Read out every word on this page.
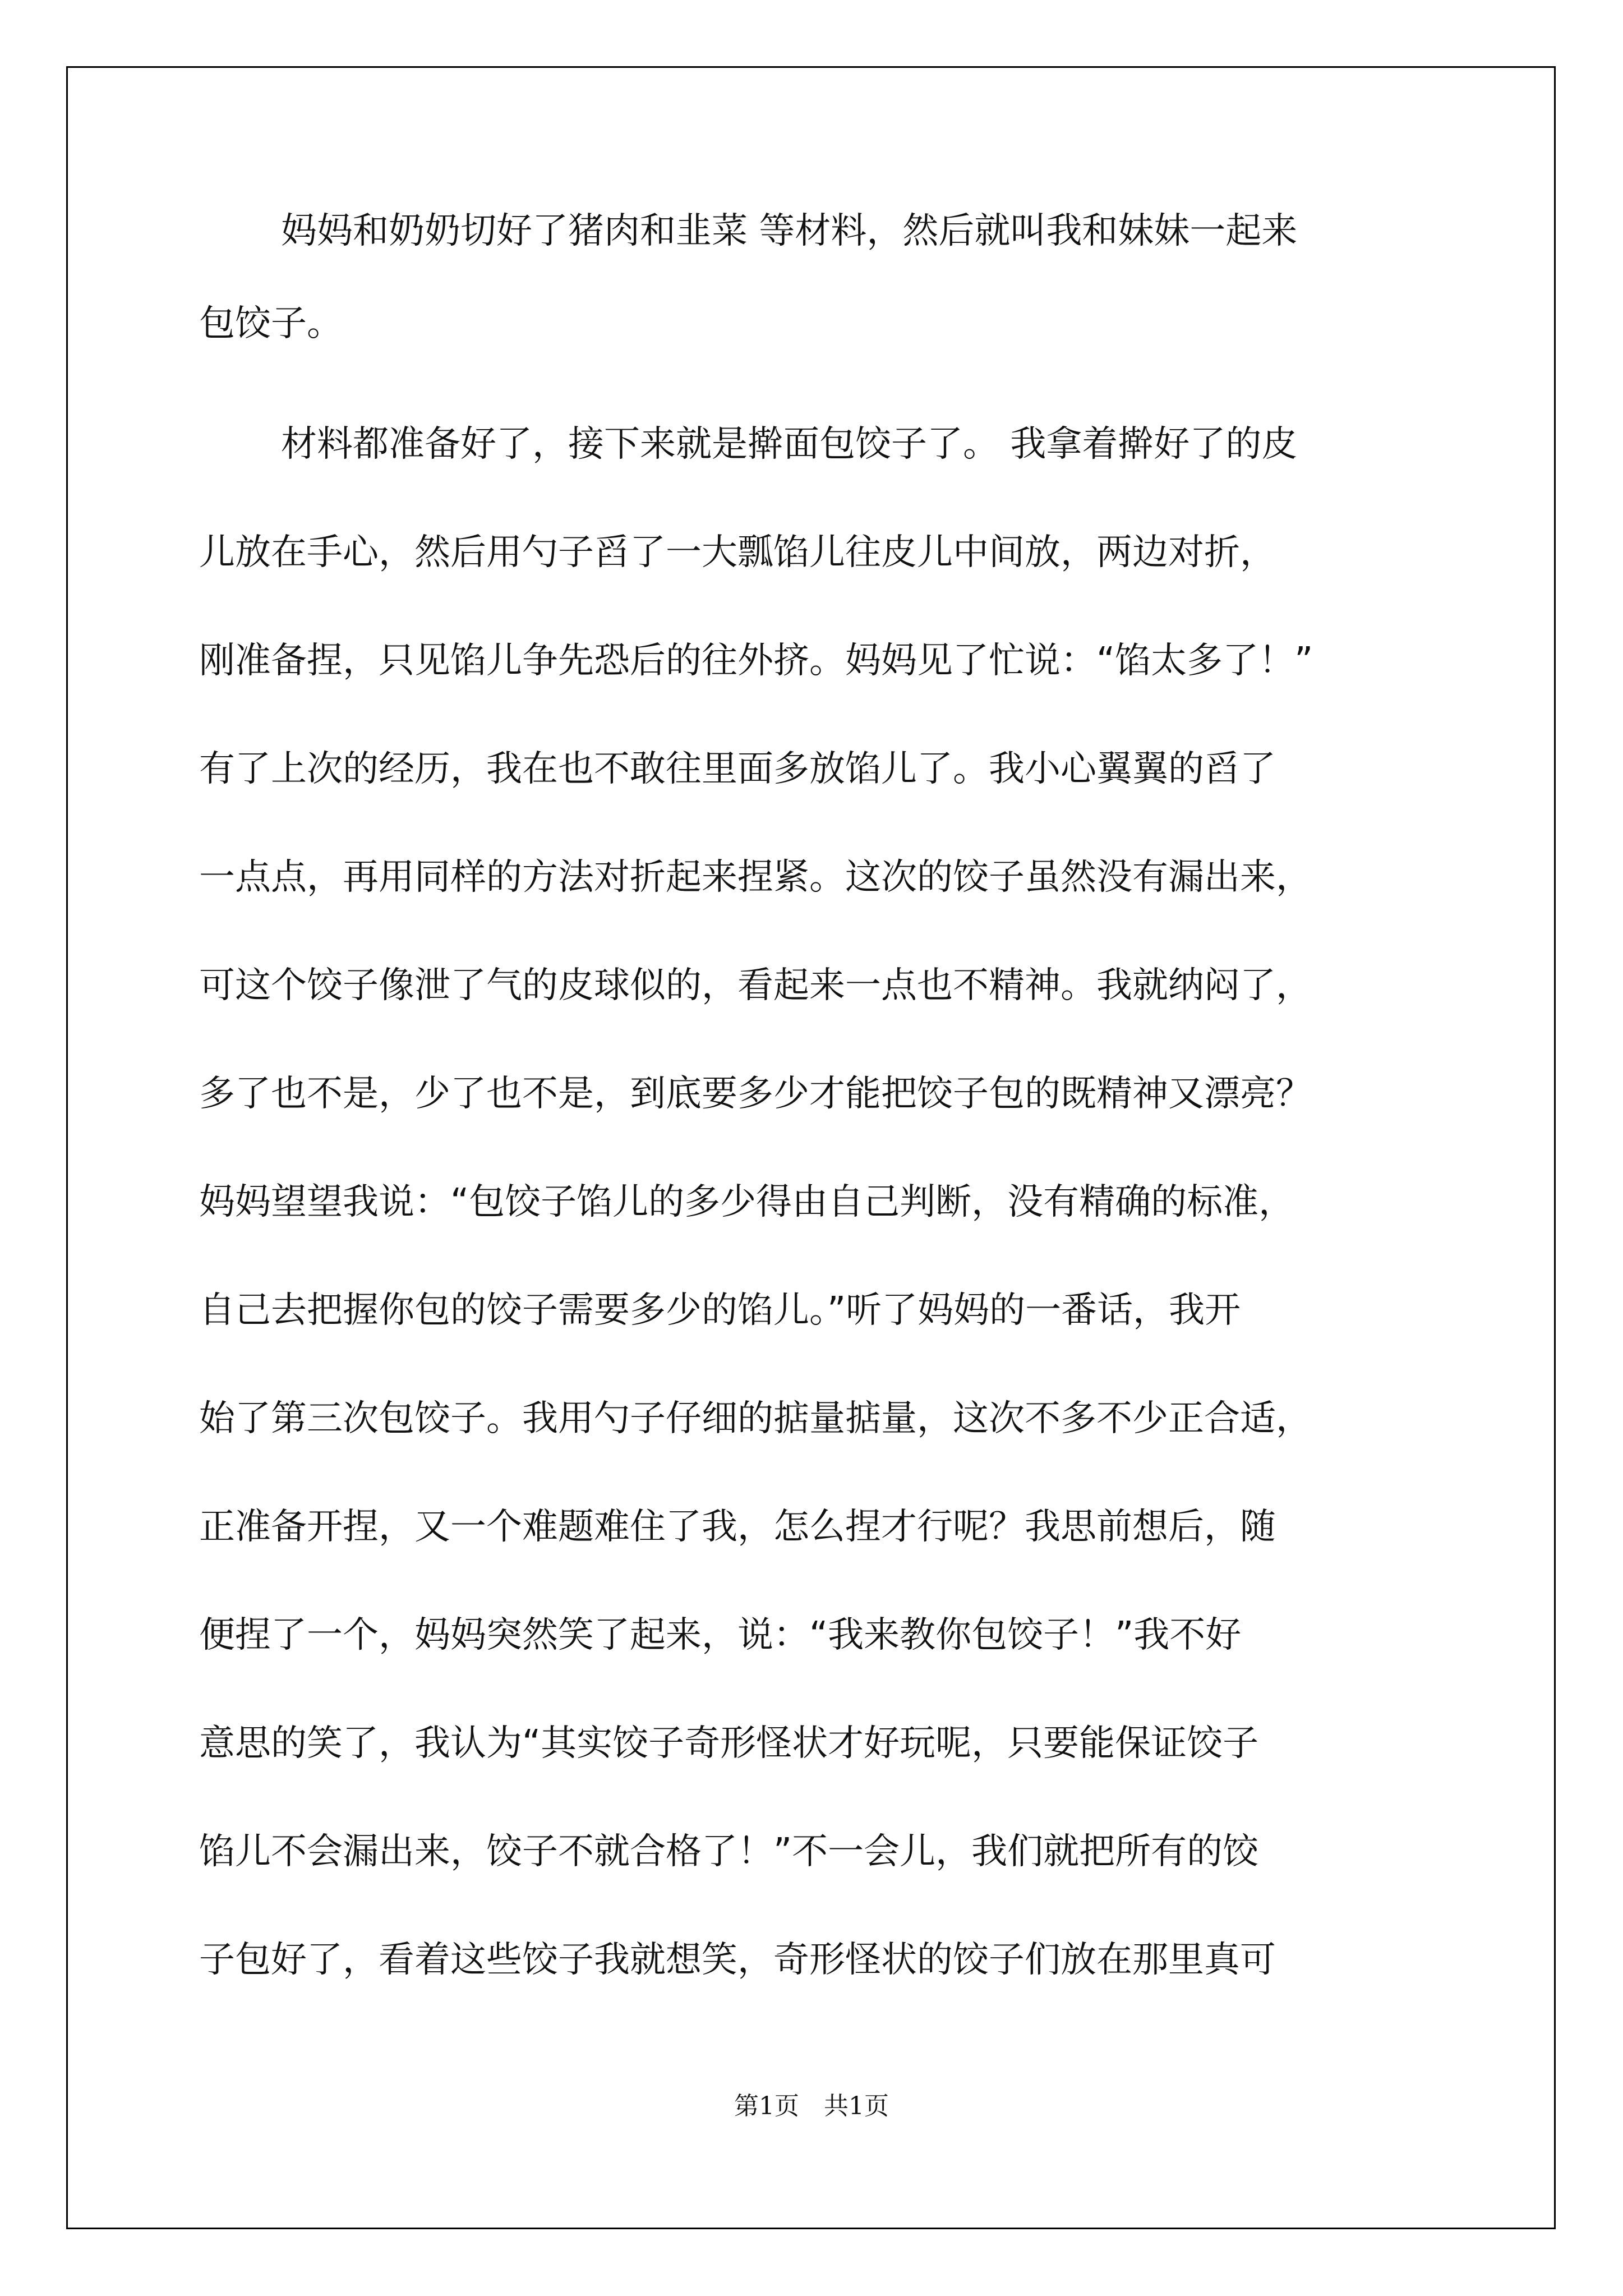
妈妈和奶奶切好了猪肉和韭菜 等材料，然后就叫我和妹妹一起来
包饺子。
材料都准备好了，接下来就是擀面包饺子了。 我拿着擀好了的皮
儿放在手心，然后用勺子舀了一大瓢馅儿往皮儿中间放，两边对折，
刚准备捏，只见馅儿争先恐后的往外挤。妈妈见了忙说：“馅太多了！”
有了上次的经历，我在也不敢往里面多放馅儿了。我小心翼翼的舀了
一点点，再用同样的方法对折起来捏紧。这次的饺子虽然没有漏出来，
可这个饺子像泄了气的皮球似的，看起来一点也不精神。我就纳闷了，
多了也不是，少了也不是，到底要多少才能把饺子包的既精神又漂亮？
妈妈望望我说：“包饺子馅儿的多少得由自己判断，没有精确的标准，
自己去把握你包的饺子需要多少的馅儿。”听了妈妈的一番话，我开
始了第三次包饺子。我用勺子仔细的掂量掂量，这次不多不少正合适，
正准备开捏，又一个难题难住了我，怎么捏才行呢？我思前想后，随
便捏了一个，妈妈突然笑了起来，说：“我来教你包饺子！”我不好
意思的笑了，我认为“其实饺子奇形怪状才好玩呢，只要能保证饺子
馅儿不会漏出来，饺子不就合格了！”不一会儿，我们就把所有的饺
子包好了，看着这些饺子我就想笑，奇形怪状的饺子们放在那里真可
第1页　共1页
